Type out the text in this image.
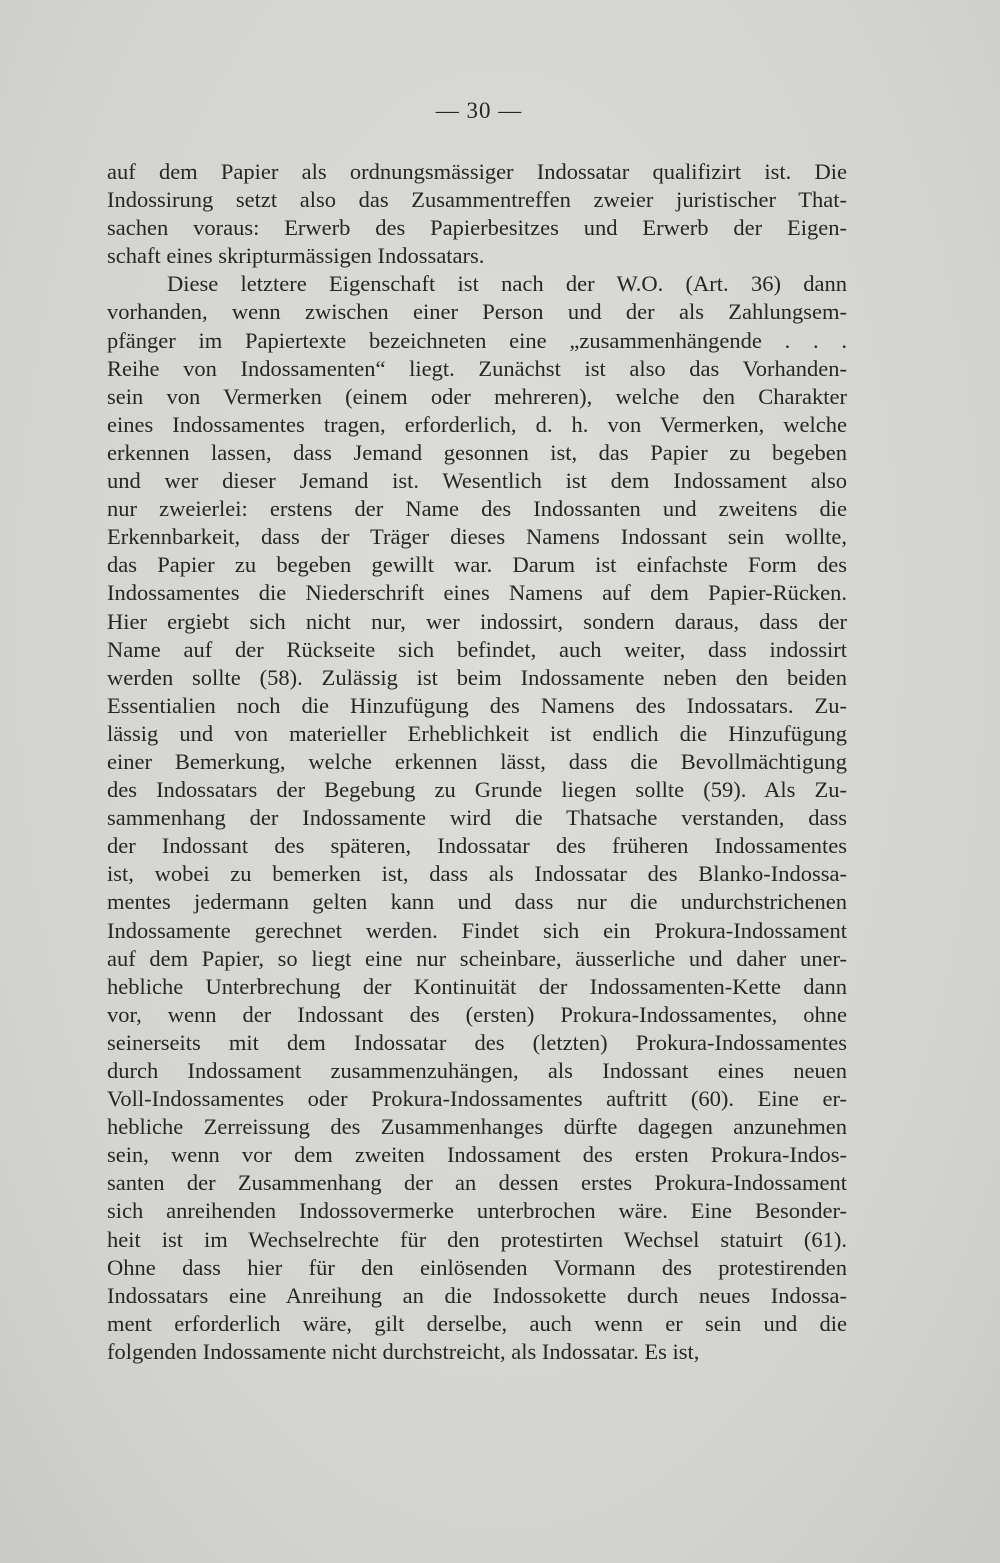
— 30 —
auf dem Papier als ordnungsmässiger Indossatar qualifizirt ist. Die
Indossirung setzt also das Zusammentreffen zweier juristischer That-
sachen voraus: Erwerb des Papierbesitzes und Erwerb der Eigen-
schaft eines skripturmässigen Indossatars.
Diese letztere Eigenschaft ist nach der W.O. (Art. 36) dann
vorhanden, wenn zwischen einer Person und der als Zahlungsem-
pfänger im Papiertexte bezeichneten eine „zusammenhängende . . .
Reihe von Indossamenten“ liegt. Zunächst ist also das Vorhanden-
sein von Vermerken (einem oder mehreren), welche den Charakter
eines Indossamentes tragen, erforderlich, d. h. von Vermerken, welche
erkennen lassen, dass Jemand gesonnen ist, das Papier zu begeben
und wer dieser Jemand ist. Wesentlich ist dem Indossament also
nur zweierlei: erstens der Name des Indossanten und zweitens die
Erkennbarkeit, dass der Träger dieses Namens Indossant sein wollte,
das Papier zu begeben gewillt war. Darum ist einfachste Form des
Indossamentes die Niederschrift eines Namens auf dem Papier-Rücken.
Hier ergiebt sich nicht nur, wer indossirt, sondern daraus, dass der
Name auf der Rückseite sich befindet, auch weiter, dass indossirt
werden sollte (58). Zulässig ist beim Indossamente neben den beiden
Essentialien noch die Hinzufügung des Namens des Indossatars. Zu-
lässig und von materieller Erheblichkeit ist endlich die Hinzufügung
einer Bemerkung, welche erkennen lässt, dass die Bevollmächtigung
des Indossatars der Begebung zu Grunde liegen sollte (59). Als Zu-
sammenhang der Indossamente wird die Thatsache verstanden, dass
der Indossant des späteren, Indossatar des früheren Indossamentes
ist, wobei zu bemerken ist, dass als Indossatar des Blanko-Indossa-
mentes jedermann gelten kann und dass nur die undurchstrichenen
Indossamente gerechnet werden. Findet sich ein Prokura-Indossament
auf dem Papier, so liegt eine nur scheinbare, äusserliche und daher uner-
hebliche Unterbrechung der Kontinuität der Indossamenten-Kette dann
vor, wenn der Indossant des (ersten) Prokura-Indossamentes, ohne
seinerseits mit dem Indossatar des (letzten) Prokura-Indossamentes
durch Indossament zusammenzuhängen, als Indossant eines neuen
Voll-Indossamentes oder Prokura-Indossamentes auftritt (60). Eine er-
hebliche Zerreissung des Zusammenhanges dürfte dagegen anzunehmen
sein, wenn vor dem zweiten Indossament des ersten Prokura-Indos-
santen der Zusammenhang der an dessen erstes Prokura-Indossament
sich anreihenden Indossovermerke unterbrochen wäre. Eine Besonder-
heit ist im Wechselrechte für den protestirten Wechsel statuirt (61).
Ohne dass hier für den einlösenden Vormann des protestirenden
Indossatars eine Anreihung an die Indossokette durch neues Indossa-
ment erforderlich wäre, gilt derselbe, auch wenn er sein und die
folgenden Indossamente nicht durchstreicht, als Indossatar. Es ist,
